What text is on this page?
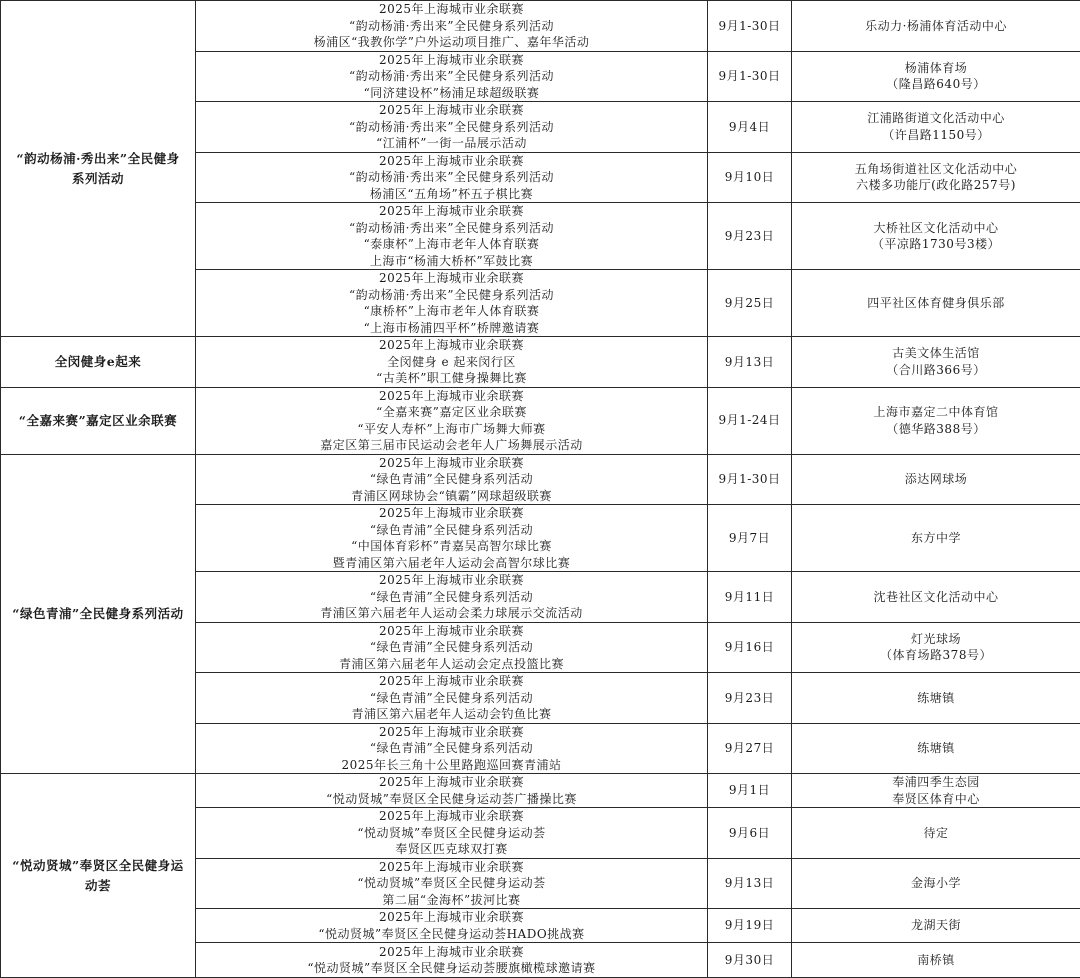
“韵动杨浦·秀出来”全民健身系列活动	2025年上海城市业余联赛
“韵动杨浦·秀出来”全民健身系列活动
杨浦区“我教你学”户外运动项目推广、嘉年华活动	9月1-30日	乐动力·杨浦体育活动中心

	2025年上海城市业余联赛
“韵动杨浦·秀出来”全民健身系列活动
“同济建设杯”杨浦足球超级联赛	9月1-30日	杨浦体育场
（隆昌路640号）

	2025年上海城市业余联赛
“韵动杨浦·秀出来”全民健身系列活动
“江浦杯”一街一品展示活动	9月4日	江浦路街道文化活动中心
（许昌路1150号）

	2025年上海城市业余联赛
“韵动杨浦·秀出来”全民健身系列活动
杨浦区“五角场”杯五子棋比赛	9月10日	五角场街道社区文化活动中心
六楼多功能厅(政化路257号)

	2025年上海城市业余联赛
“韵动杨浦·秀出来”全民健身系列活动
“泰康杯”上海市老年人体育联赛
上海市“杨浦大桥杯”军鼓比赛	9月23日	大桥社区文化活动中心
（平凉路1730号3楼）

	2025年上海城市业余联赛
“韵动杨浦·秀出来”全民健身系列活动
“康桥杯”上海市老年人体育联赛
“上海市杨浦四平杯”桥牌邀请赛	9月25日	四平社区体育健身俱乐部

全闵健身e起来	2025年上海城市业余联赛
全闵健身 e 起来闵行区
“古美杯”职工健身操舞比赛	9月13日	古美文体生活馆
（合川路366号）

“全嘉来赛”嘉定区业余联赛	2025年上海城市业余联赛
“全嘉来赛”嘉定区业余联赛
“平安人寿杯”上海市广场舞大师赛
嘉定区第三届市民运动会老年人广场舞展示活动	9月1-24日	上海市嘉定二中体育馆
（德华路388号）

“绿色青浦”全民健身系列活动	2025年上海城市业余联赛
“绿色青浦”全民健身系列活动
青浦区网球协会“镇霸”网球超级联赛	9月1-30日	添达网球场

	2025年上海城市业余联赛
“绿色青浦”全民健身系列活动
“中国体育彩杯”青嘉吴高智尔球比赛
暨青浦区第六届老年人运动会高智尔球比赛	9月7日	东方中学

	2025年上海城市业余联赛
“绿色青浦”全民健身系列活动
青浦区第六届老年人运动会柔力球展示交流活动	9月11日	沈巷社区文化活动中心

	2025年上海城市业余联赛
“绿色青浦”全民健身系列活动
青浦区第六届老年人运动会定点投篮比赛	9月16日	灯光球场
（体育场路378号）

	2025年上海城市业余联赛
“绿色青浦”全民健身系列活动
青浦区第六届老年人运动会钓鱼比赛	9月23日	练塘镇

	2025年上海城市业余联赛
“绿色青浦”全民健身系列活动
2025年长三角十公里路跑巡回赛青浦站	9月27日	练塘镇

“悦动贤城”奉贤区全民健身运动荟	2025年上海城市业余联赛
“悦动贤城”奉贤区全民健身运动荟广播操比赛	9月1日	奉浦四季生态园
奉贤区体育中心

	2025年上海城市业余联赛
“悦动贤城”奉贤区全民健身运动荟
奉贤区匹克球双打赛	9月6日	待定

	2025年上海城市业余联赛
“悦动贤城”奉贤区全民健身运动荟
第二届“金海杯”拔河比赛	9月13日	金海小学

	2025年上海城市业余联赛
“悦动贤城”奉贤区全民健身运动荟HADO挑战赛	9月19日	龙湖天街

	2025年上海城市业余联赛
“悦动贤城”奉贤区全民健身运动荟腰旗橄榄球邀请赛	9月30日	南桥镇
